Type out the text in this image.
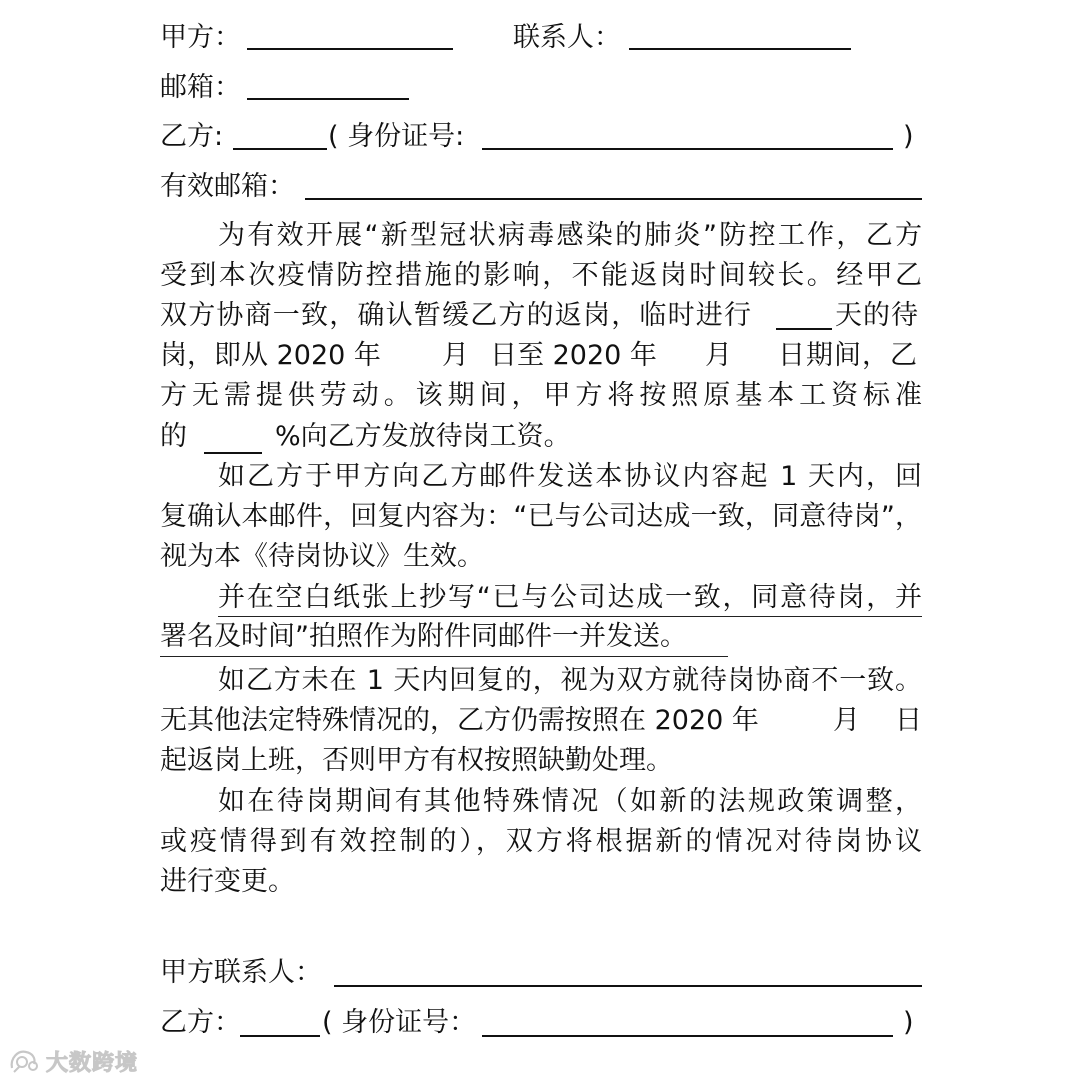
甲方：	联系人：
邮箱：
乙方:	( 身份证号:	)
有效邮箱：
为有效开展“新型冠状病毒感染的肺炎”防控工作，乙方
受到本次疫情防控措施的影响，不能返岗时间较长。经甲乙
双方协商一致，确认暂缓乙方的返岗，临时进行	天的待
岗，即从 2020 年 月 日至 2020 年 月 日期间，乙
方无需提供劳动。该期间，甲方将按照原基本工资标准
的	%向乙方发放待岗工资。
如乙方于甲方向乙方邮件发送本协议内容起 1 天内，回
复确认本邮件，回复内容为：“已与公司达成一致，同意待岗”，
视为本《待岗协议》生效。
并在空白纸张上抄写“已与公司达成一致，同意待岗，并
署名及时间”拍照作为附件同邮件一并发送。
如乙方未在 1 天内回复的，视为双方就待岗协商不一致。
无其他法定特殊情况的，乙方仍需按照在 2020 年	月 日
起返岗上班，否则甲方有权按照缺勤处理。
如在待岗期间有其他特殊情况（如新的法规政策调整，
或疫情得到有效控制的），双方将根据新的情况对待岗协议
进行变更。
甲方联系人：
乙方：	( 身份证号：	)
大数跨境
